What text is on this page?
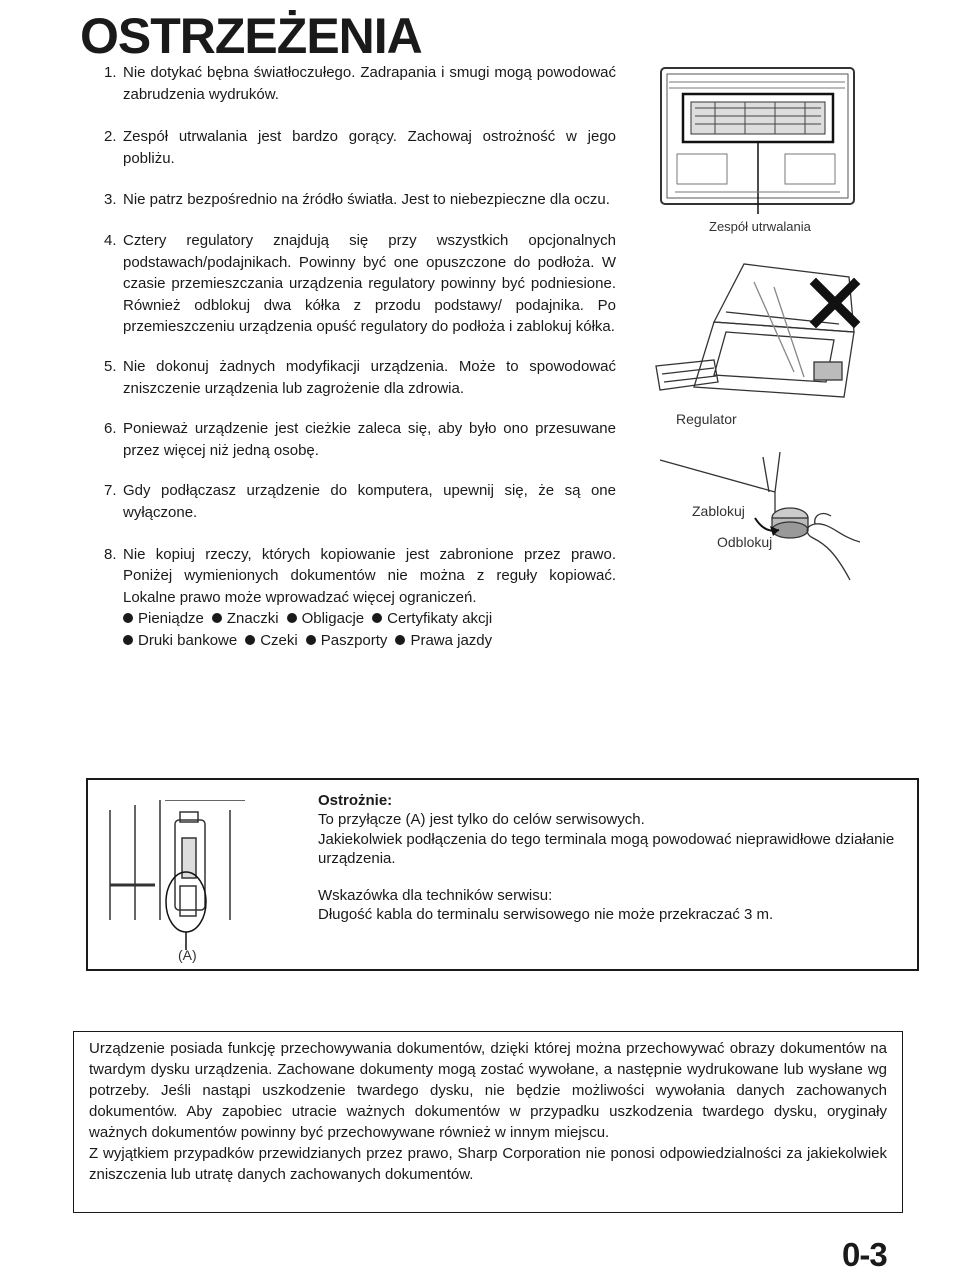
OSTRZEŻENIA
1. Nie dotykać bębna światłoczułego. Zadrapania i smugi mogą powodować zabrudzenia wydruków.
2. Zespół utrwalania jest bardzo gorący. Zachowaj ostrożność w jego pobliżu.
3. Nie patrz bezpośrednio na źródło światła. Jest to niebezpieczne dla oczu.
4. Cztery regulatory znajdują się przy wszystkich opcjonalnych podstawach/podajnikach. Powinny być one opuszczone do podłoża. W czasie przemieszczania urządzenia regulatory powinny być podniesione. Również odblokuj dwa kółka z przodu podstawy/ podajnika. Po przemieszczeniu urządzenia opuść regulatory do podłoża i zablokuj kółka.
5. Nie dokonuj żadnych modyfikacji urządzenia. Może to spowodować zniszczenie urządzenia lub zagrożenie dla zdrowia.
6. Ponieważ urządzenie jest cieżkie zaleca się, aby było ono przesuwane przez więcej niż jedną osobę.
7. Gdy podłączasz urządzenie do komputera, upewnij się, że są one wyłączone.
8. Nie kopiuj rzeczy, których kopiowanie jest zabronione przez prawo. Poniżej wymienionych dokumentów nie można z reguły kopiować. Lokalne prawo może wprowadzać więcej ograniczeń.
Pieniądze Znaczki Obligacje Certyfikaty akcji
Druki bankowe Czeki Paszporty Prawa jazdy
Zespół utrwalania
Regulator
Zablokuj
Odblokuj
(A)
Ostrożnie:
To przyłącze (A) jest tylko do celów serwisowych.
Jakiekolwiek podłączenia do tego terminala mogą powodować nieprawidłowe działanie urządzenia.
Wskazówka dla techników serwisu:
Długość kabla do terminalu serwisowego nie może przekraczać 3 m.

Urządzenie posiada funkcję przechowywania dokumentów, dzięki której można przechowywać obrazy dokumentów na twardym dysku urządzenia. Zachowane dokumenty mogą zostać wywołane, a następnie wydrukowane lub wysłane wg potrzeby. Jeśli nastąpi uszkodzenie twardego dysku, nie będzie możliwości wywołania danych zachowanych dokumentów. Aby zapobiec utracie ważnych dokumentów w przypadku uszkodzenia twardego dysku, oryginały ważnych dokumentów powinny być przechowywane również w innym miejscu.

Z wyjątkiem przypadków przewidzianych przez prawo, Sharp Corporation nie ponosi odpowiedzialności za jakiekolwiek zniszczenia lub utratę danych zachowanych dokumentów.

0-3
